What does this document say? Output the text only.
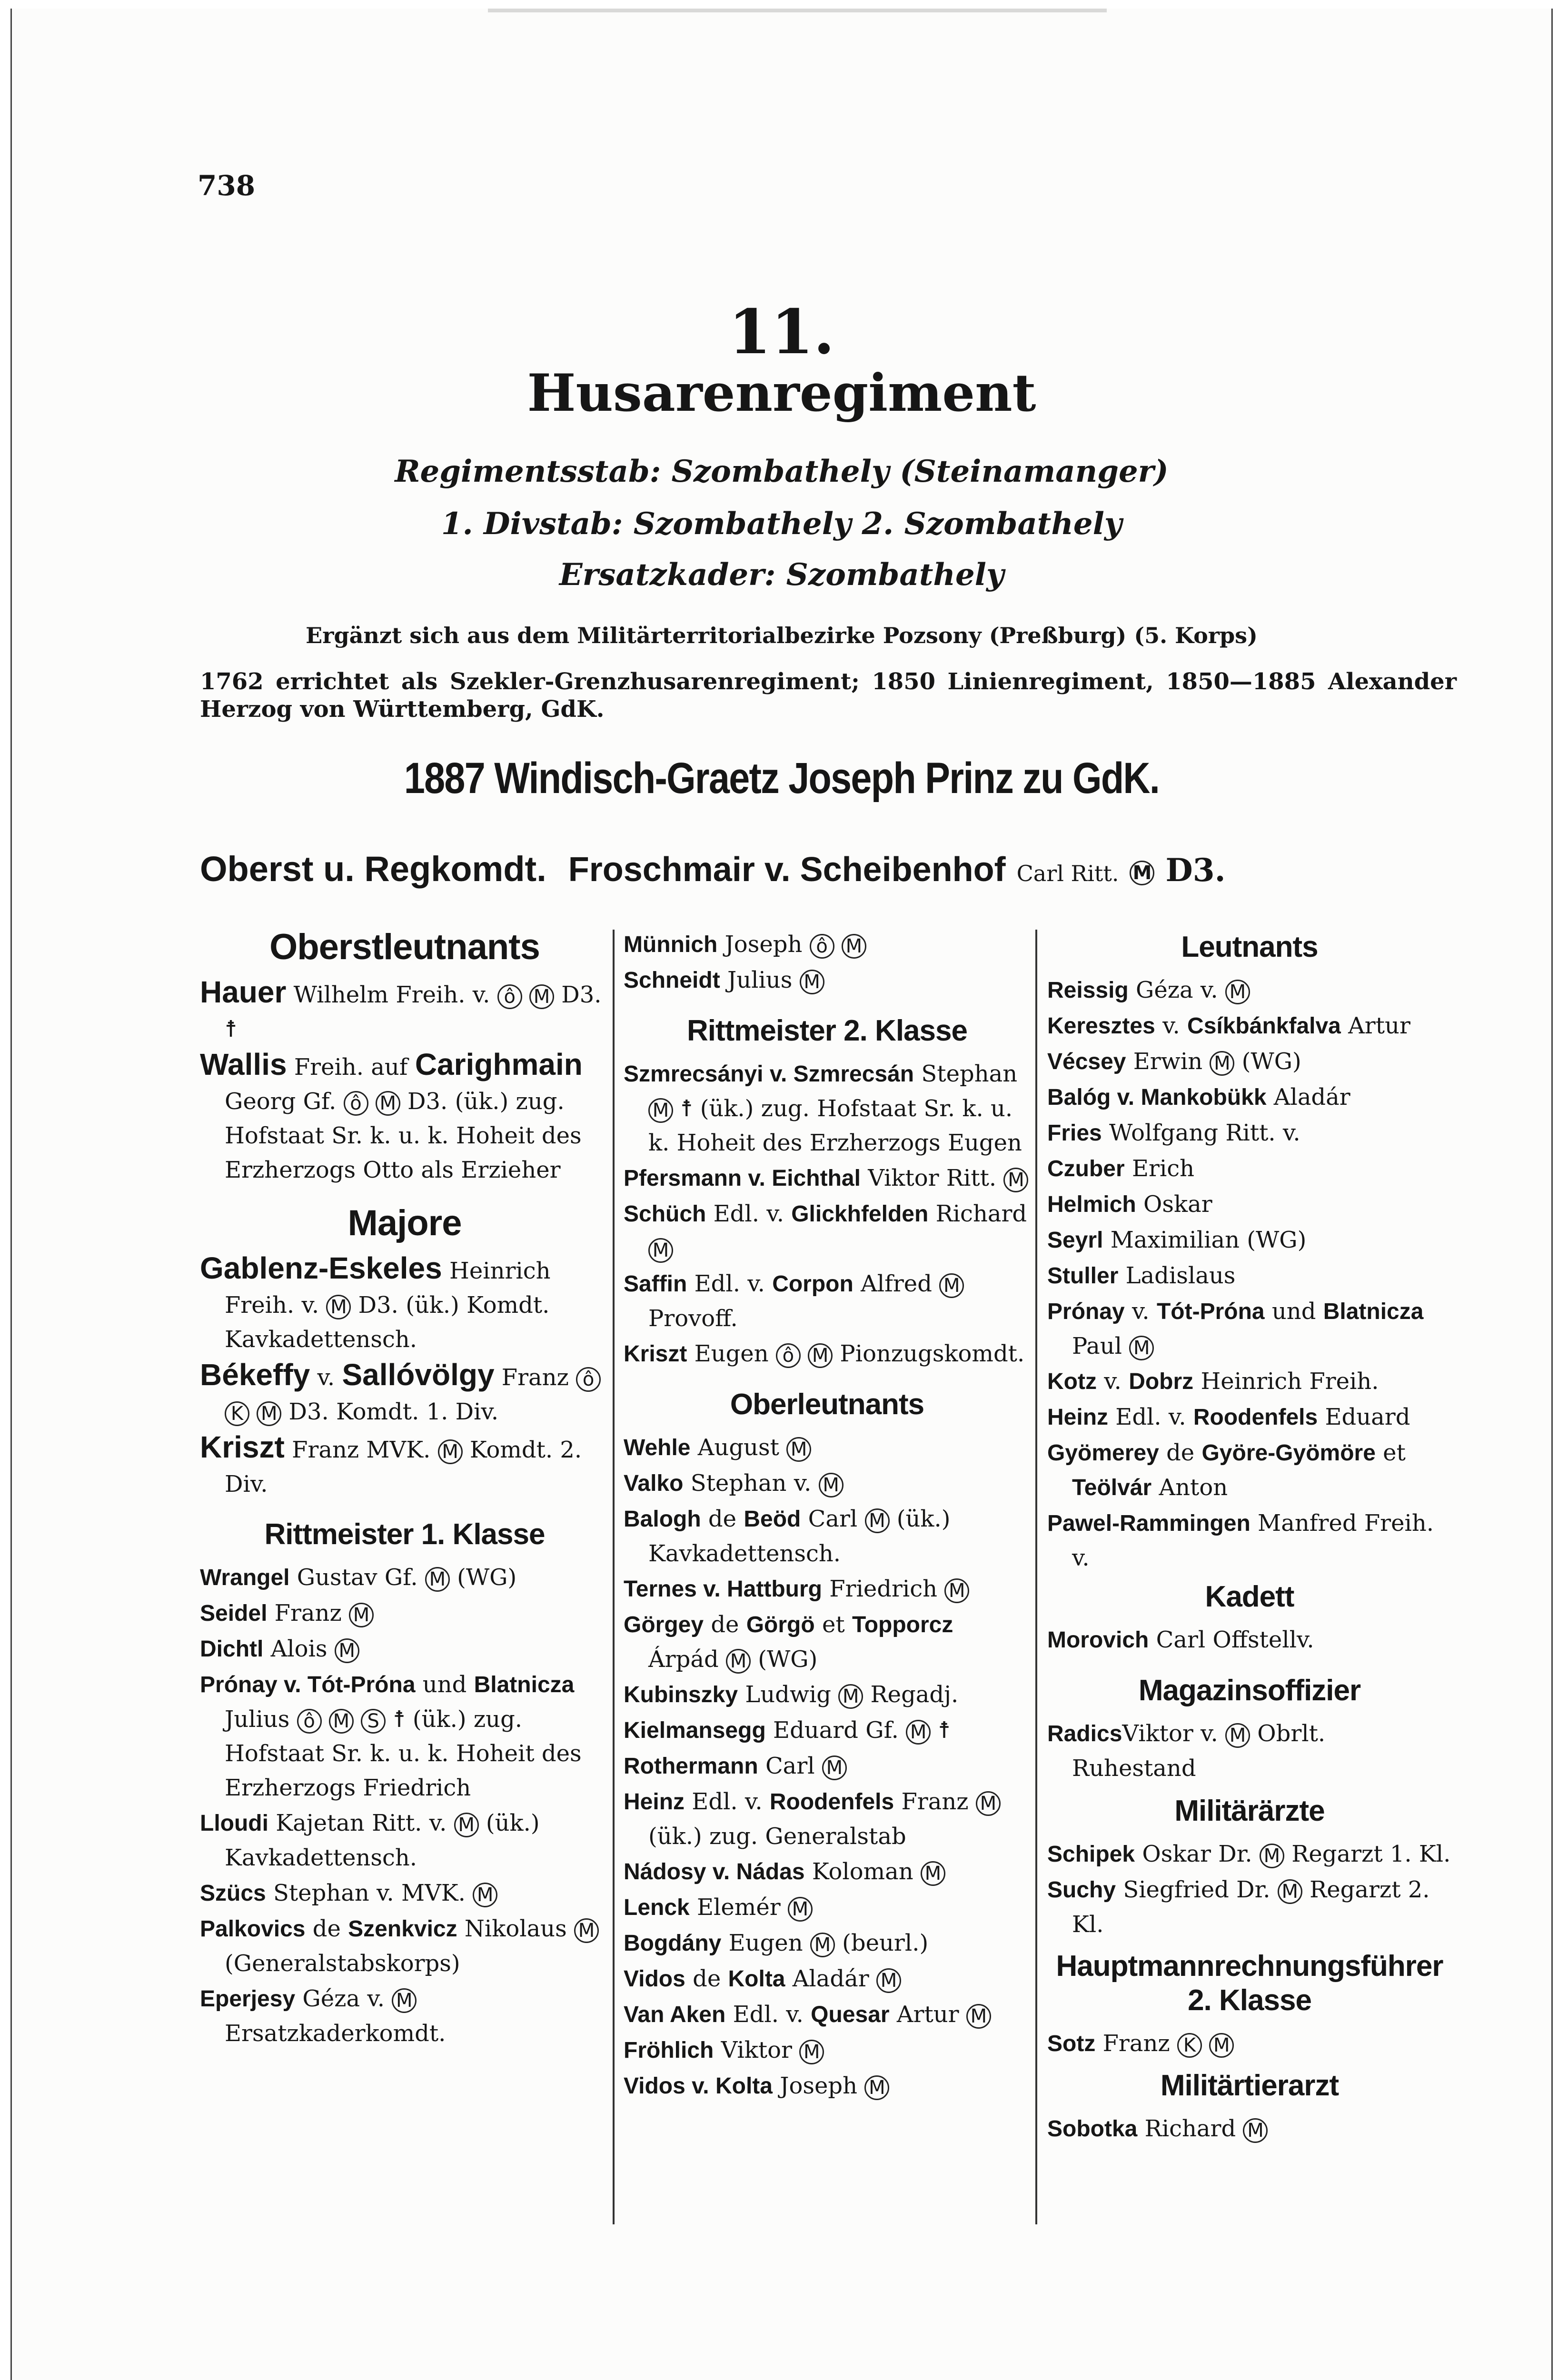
738
11.
Husarenregiment
Regimentsstab: Szombathely (Steinamanger)
1. Divstab: Szombathely 2. Szombathely
Ersatzkader: Szombathely
Ergänzt sich aus dem Militärterritorialbezirke Pozsony (Preßburg) (5. Korps)
1762 errichtet als Szekler-Grenzhusarenregiment; 1850 Linienregiment, 1850—1885 Alexander Herzog von Württemberg, GdK.
1887 Windisch-Graetz Joseph Prinz zu GdK.
Oberst u. Regkomdt. Froschmair v. Scheibenhof Carl Ritt. M D3.
Oberstleutnants
Hauer Wilhelm Freih. v. ô M D3. ☨
Wallis Freih. auf Carighmain Georg Gf. ô M D3. (ük.) zug. Hofstaat Sr. k. u. k. Hoheit des Erzherzogs Otto als Erzieher
Majore
Gablenz-Eskeles Heinrich Freih. v. M D3. (ük.) Komdt. Kavkadettensch.
Békeffy v. Sallóvölgy Franz ô K M D3. Komdt. 1. Div.
Kriszt Franz MVK. M Komdt. 2. Div.
Rittmeister 1. Klasse
Wrangel Gustav Gf. M (WG)
Seidel Franz M
Dichtl Alois M
Prónay v. Tót-Próna und Blatnicza Julius ô M S ☨ (ük.) zug. Hofstaat Sr. k. u. k. Hoheit des Erzherzogs Friedrich
Lloudi Kajetan Ritt. v. M (ük.) Kavkadettensch.
Szücs Stephan v. MVK. M
Palkovics de Szenkvicz Nikolaus M (Generalstabskorps)
Eperjesy Géza v. M Ersatzkaderkomdt.
Münnich Joseph ô M
Schneidt Julius M
Rittmeister 2. Klasse
Szmrecsányi v. Szmrecsán Stephan M ☨ (ük.) zug. Hofstaat Sr. k. u. k. Hoheit des Erzherzogs Eugen
Pfersmann v. Eichthal Viktor Ritt. M
Schüch Edl. v. Glickhfelden Richard M
Saffin Edl. v. Corpon Alfred M Provoff.
Kriszt Eugen ô M Pionzugskomdt.
Oberleutnants
Wehle August M
Valko Stephan v. M
Balogh de Beöd Carl M (ük.) Kavkadettensch.
Ternes v. Hattburg Friedrich M
Görgey de Görgö et Topporcz Árpád M (WG)
Kubinszky Ludwig M Regadj.
Kielmansegg Eduard Gf. M ☨
Rothermann Carl M
Heinz Edl. v. Roodenfels Franz M (ük.) zug. Generalstab
Nádosy v. Nádas Koloman M
Lenck Elemér M
Bogdány Eugen M (beurl.)
Vidos de Kolta Aladár M
Van Aken Edl. v. Quesar Artur M
Fröhlich Viktor M
Vidos v. Kolta Joseph M
Leutnants
Reissig Géza v. M
Keresztes v. Csíkbánkfalva Artur
Vécsey Erwin M (WG)
Balóg v. Mankobükk Aladár
Fries Wolfgang Ritt. v.
Czuber Erich
Helmich Oskar
Seyrl Maximilian (WG)
Stuller Ladislaus
Prónay v. Tót-Próna und Blatnicza Paul M
Kotz v. Dobrz Heinrich Freih.
Heinz Edl. v. Roodenfels Eduard
Gyömerey de Györe-Gyömöre et Teölvár Anton
Pawel-Rammingen Manfred Freih. v.
Kadett
Morovich Carl Offstellv.
Magazinsoffizier
RadicsViktor v. M Obrlt. Ruhestand
Militärärzte
Schipek Oskar Dr. M Regarzt 1. Kl.
Suchy Siegfried Dr. M Regarzt 2. Kl.
Hauptmannrechnungsführer 2. Klasse
Sotz Franz K M
Militärtierarzt
Sobotka Richard M
